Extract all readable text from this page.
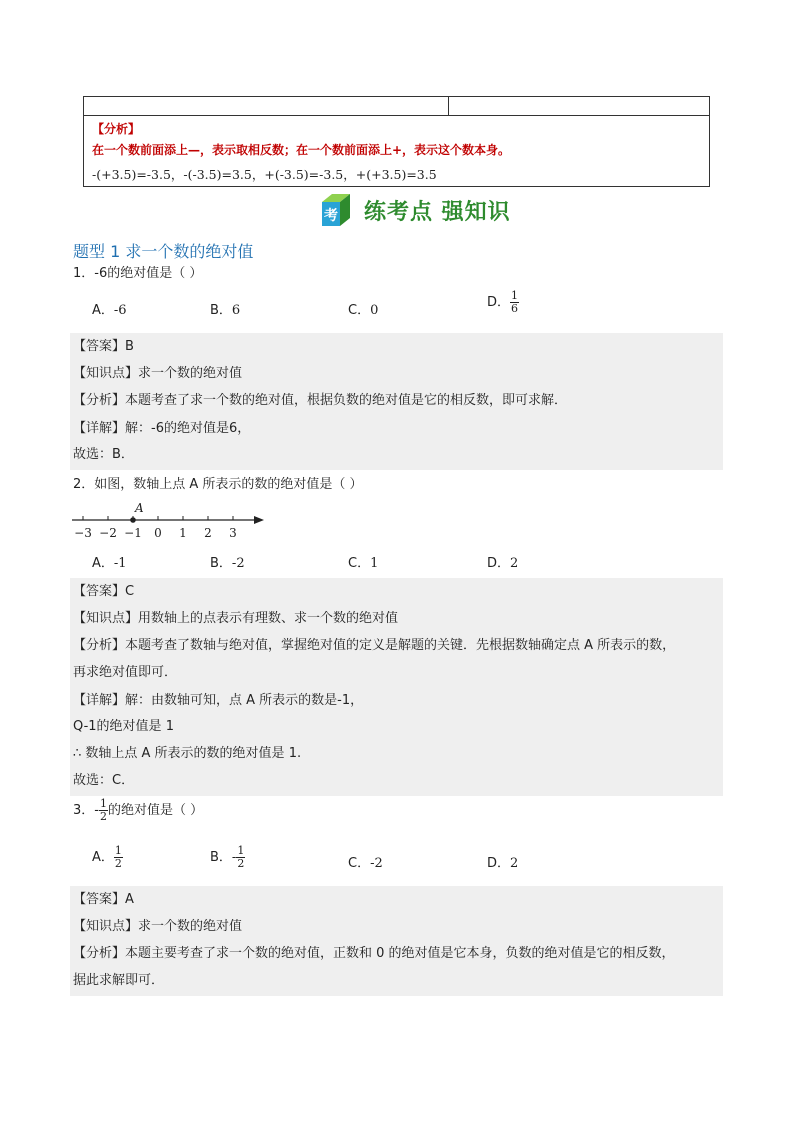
【分析】
在一个数前面添上—，表示取相反数；在一个数前面添上+，表示这个数本身。
-(+3.5)=-3.5，-(-3.5)=3.5，+(-3.5)=-3.5，+(+3.5)=3.5
考 练考点 强知识
题型 1 求一个数的绝对值
1．-6的绝对值是（ ）
A．-6	B．6	C．0
D． $\frac{1}{6}$
【答案】B
【知识点】求一个数的绝对值
【分析】本题考查了求一个数的绝对值，根据负数的绝对值是它的相反数，即可求解．
【详解】解：-6的绝对值是6，
故选：B．
2．如图，数轴上点 A 所表示的数的绝对值是（ ）
−3 −2 −1 0 1 2 3
A
A．-1	B．-2	C．1	D．2
【答案】C
【知识点】用数轴上的点表示有理数、求一个数的绝对值
【分析】本题考查了数轴与绝对值，掌握绝对值的定义是解题的关键．先根据数轴确定点 A 所表示的数，
再求绝对值即可．
【详解】解：由数轴可知，点 A 所表示的数是-1，
Q-1的绝对值是 1
∴ 数轴上点 A 所表示的数的绝对值是 1.
故选：C．
3．- $\frac{1}{2}$ 的绝对值是（ ）
A． $\frac{1}{2}$	B．- $\frac{1}{2}$	C．-2	D．2
【答案】A
【知识点】求一个数的绝对值
【分析】本题主要考查了求一个数的绝对值，正数和 0 的绝对值是它本身，负数的绝对值是它的相反数，
据此求解即可．
